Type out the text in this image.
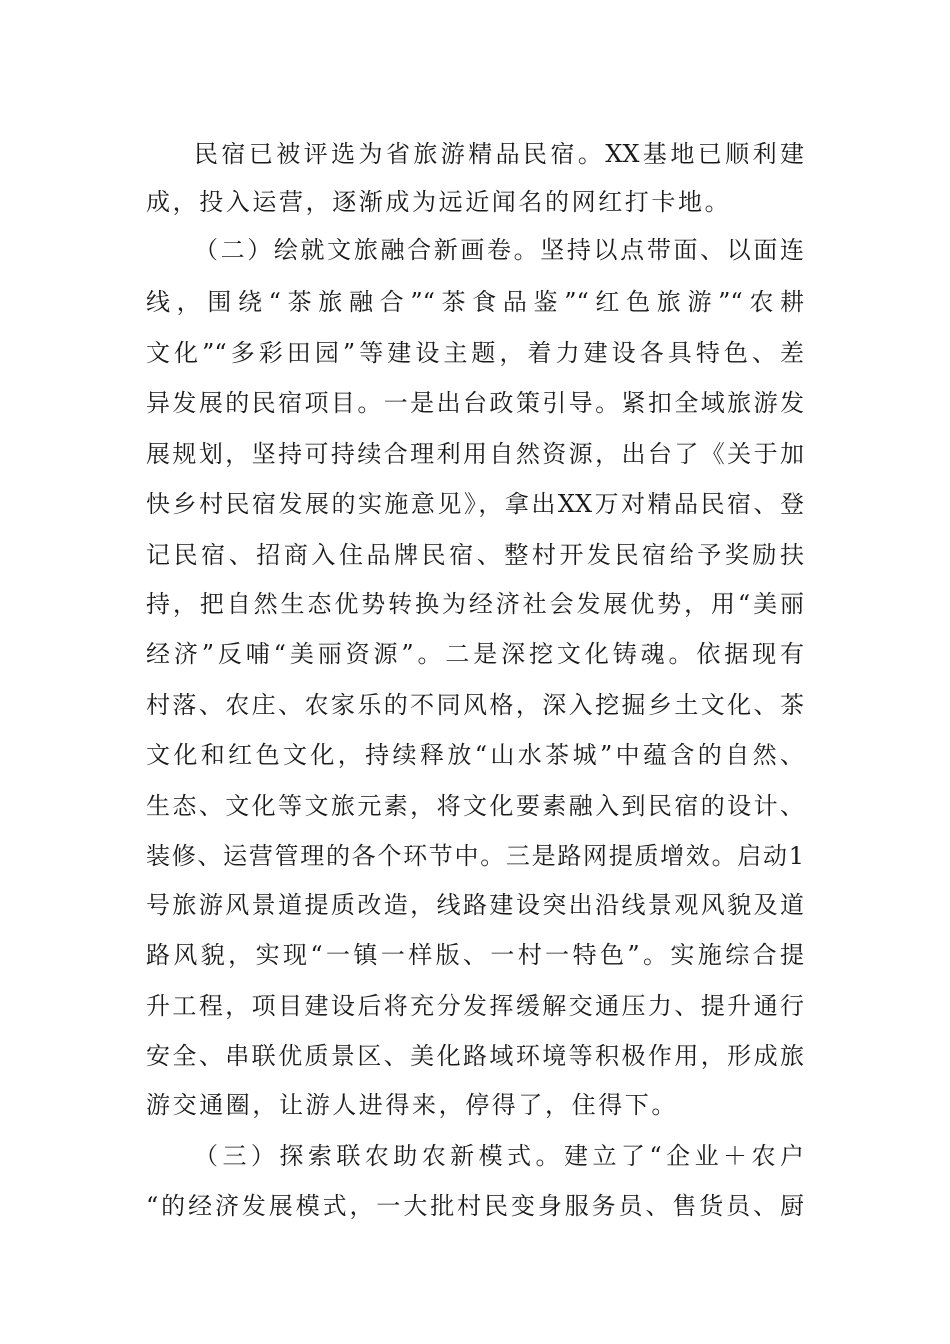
民宿已被评选为省旅游精品民宿。XX基地已顺利建
成，投入运营，逐渐成为远近闻名的网红打卡地。
（二）绘就文旅融合新画卷。坚持以点带面、以面连
线，围绕“茶旅融合”“茶食品鉴”“红色旅游”“农耕
文化”“多彩田园”等建设主题，着力建设各具特色、差
异发展的民宿项目。一是出台政策引导。紧扣全域旅游发
展规划，坚持可持续合理利用自然资源，出台了《关于加
快乡村民宿发展的实施意见》，拿出XX万对精品民宿、登
记民宿、招商入住品牌民宿、整村开发民宿给予奖励扶
持，把自然生态优势转换为经济社会发展优势，用“美丽
经济”反哺“美丽资源”。二是深挖文化铸魂。依据现有
村落、农庄、农家乐的不同风格，深入挖掘乡土文化、茶
文化和红色文化，持续释放“山水茶城”中蕴含的自然、
生态、文化等文旅元素，将文化要素融入到民宿的设计、
装修、运营管理的各个环节中。三是路网提质增效。启动1
号旅游风景道提质改造，线路建设突出沿线景观风貌及道
路风貌，实现“一镇一样版、一村一特色”。实施综合提
升工程，项目建设后将充分发挥缓解交通压力、提升通行
安全、串联优质景区、美化路域环境等积极作用，形成旅
游交通圈，让游人进得来，停得了，住得下。
（三）探索联农助农新模式。建立了“企业＋农户
“的经济发展模式，一大批村民变身服务员、售货员、厨
